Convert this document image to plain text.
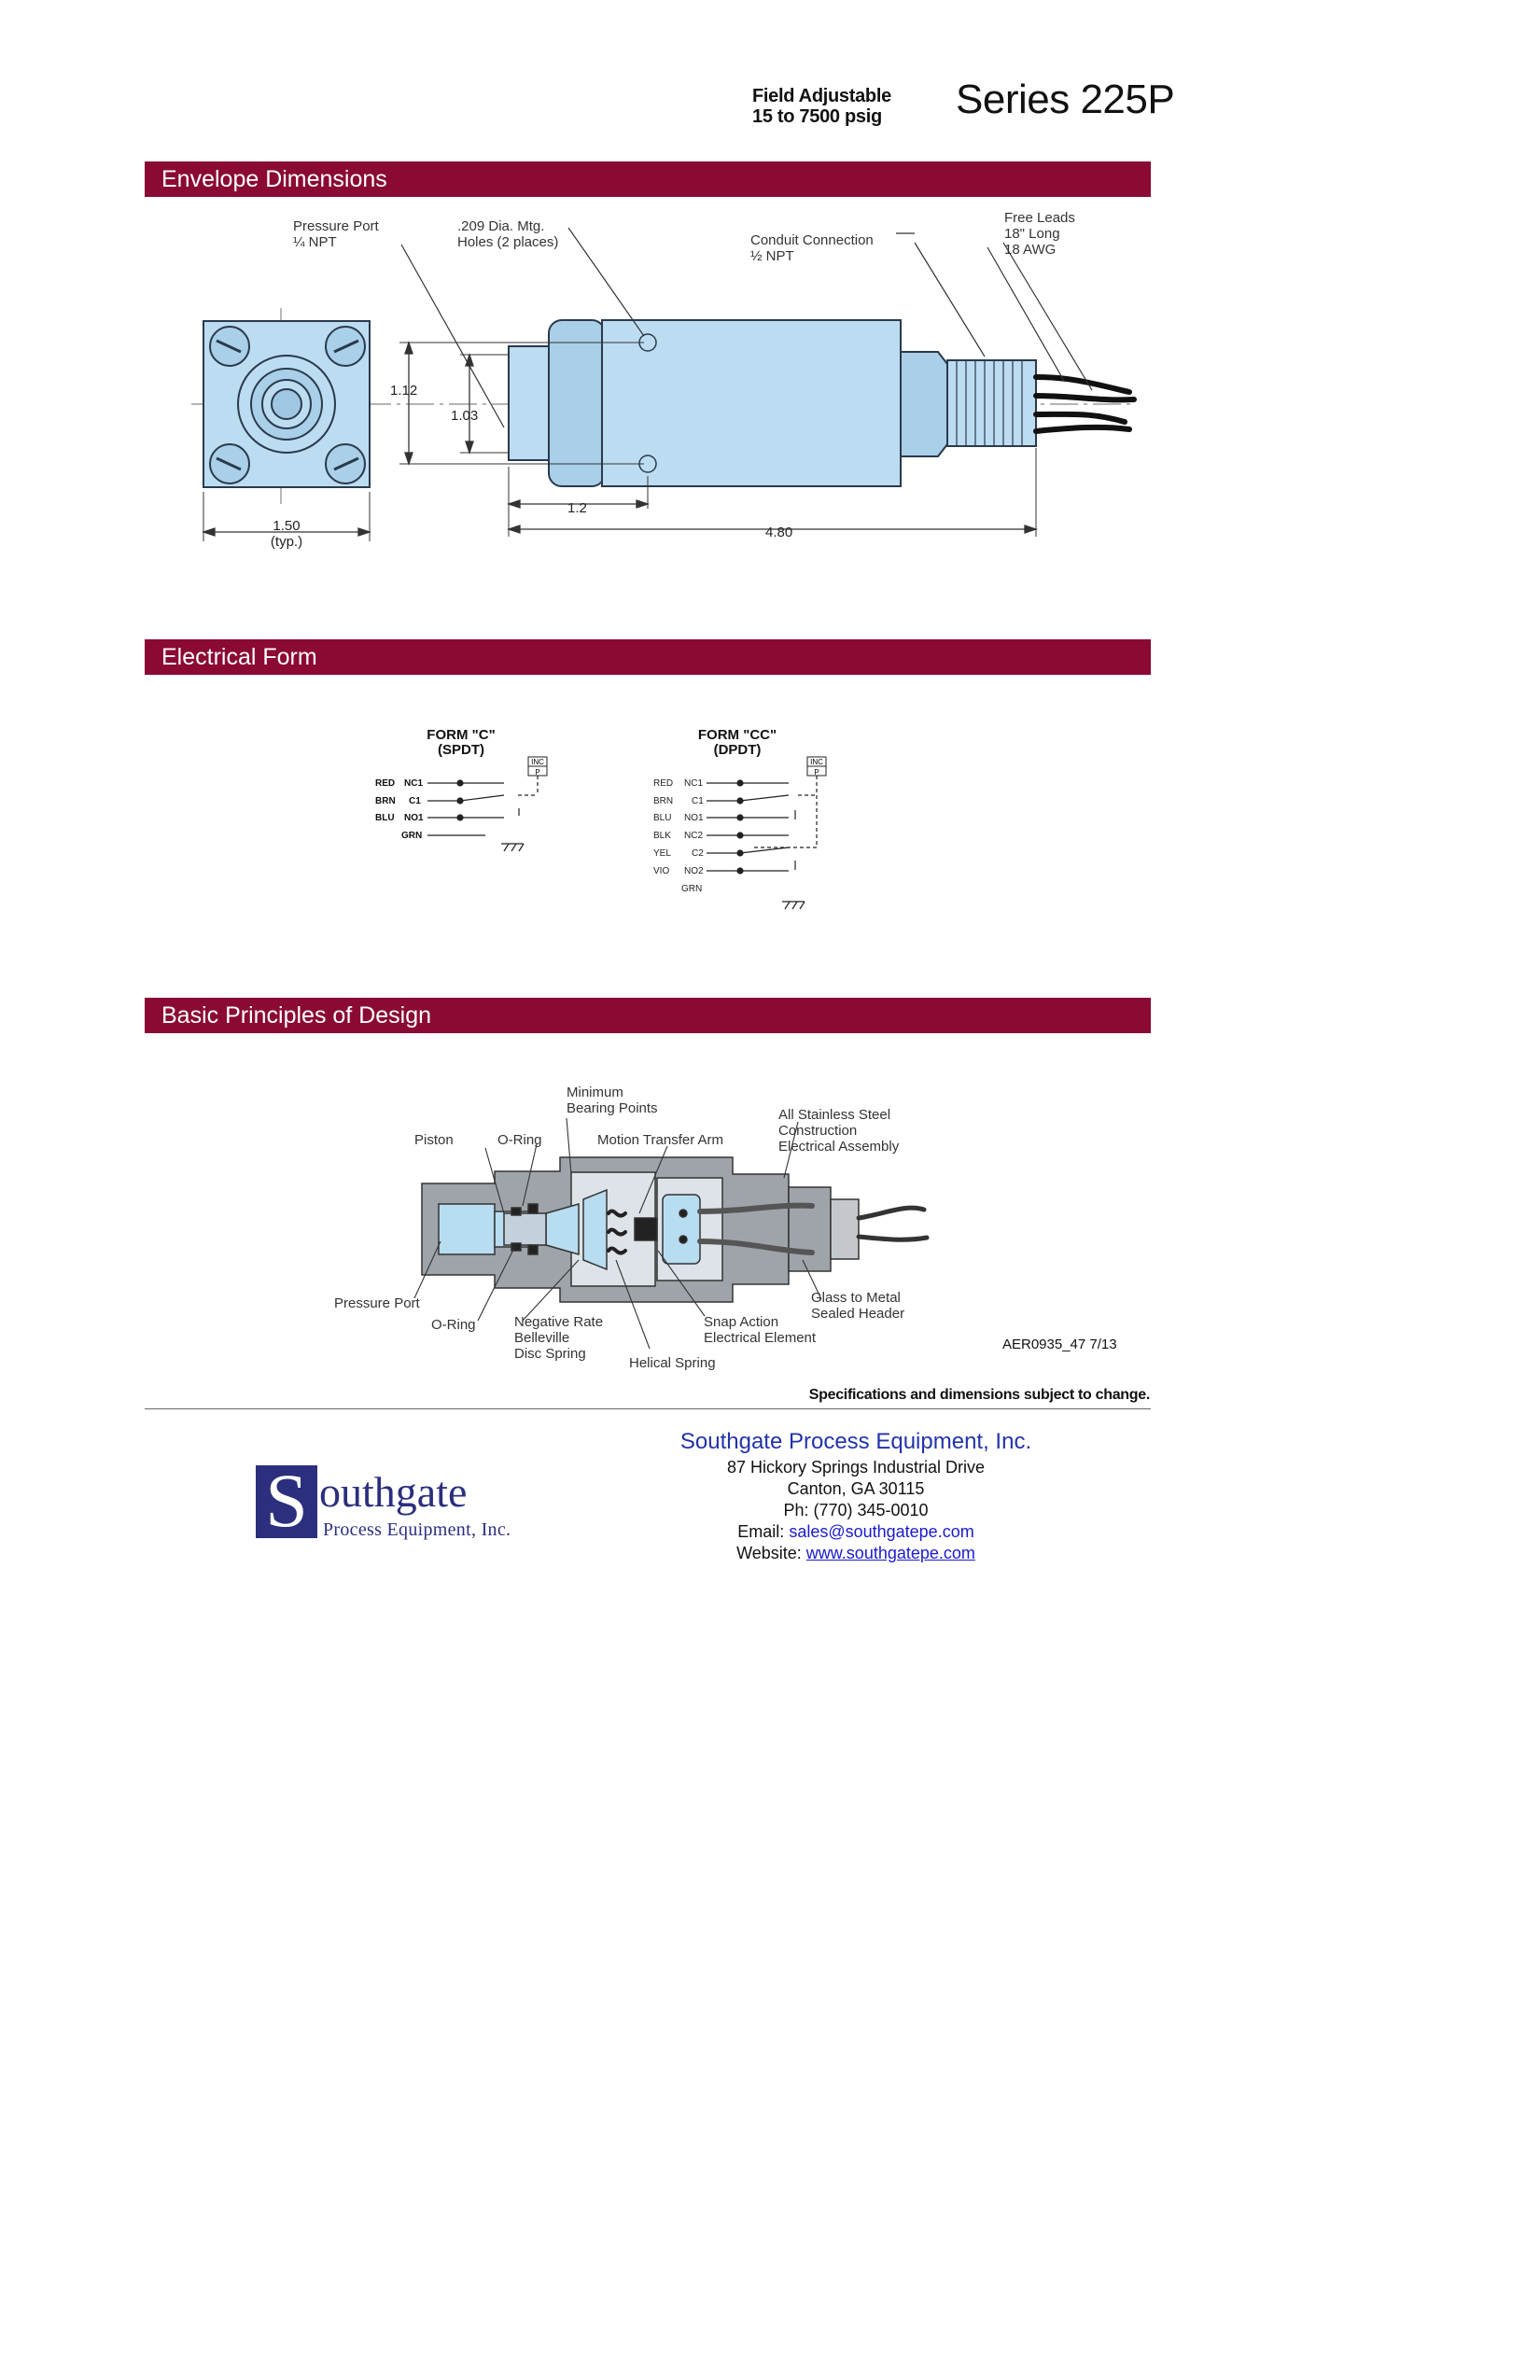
Field Adjustable
15 to 7500 psig Series 225P
Envelope Dimensions
Pressure Port ¼ NPT
.209 Dia. Mtg. Holes (2 places)	Conduit Connection ½ NPT
Free Leads 18" Long 18 AWG
1.50
(typ.)
1.12
1.03
1.2
4.80
Electrical Form
FORM "C"
(SPDT)
INC
P
RED NC1
BRN C1
BLU NO1
GRN
FORM "CC"
(DPDT)
INC
P
RED NC1
BRN C1
BLU NO1
BLK NC2
YEL C2
VIO NO2
GRN
Basic Principles of Design
Minimum Bearing Points
Piston	O-Ring	Motion Transfer Arm
All Stainless Steel Construction Electrical Assembly
Pressure Port
O-Ring	Negative Rate Belleville Disc Spring
Helical Spring
Snap Action Electrical Element
Glass to Metal Sealed Header
AER0935_47 7/13
Specifications and dimensions subject to change.
S outhgate
Process Equipment, Inc.
Southgate Process Equipment, Inc.
87 Hickory Springs Industrial Drive
Canton, GA 30115
Ph: (770) 345-0010
Email: sales@southgatepe.com
Website: www.southgatepe.com
